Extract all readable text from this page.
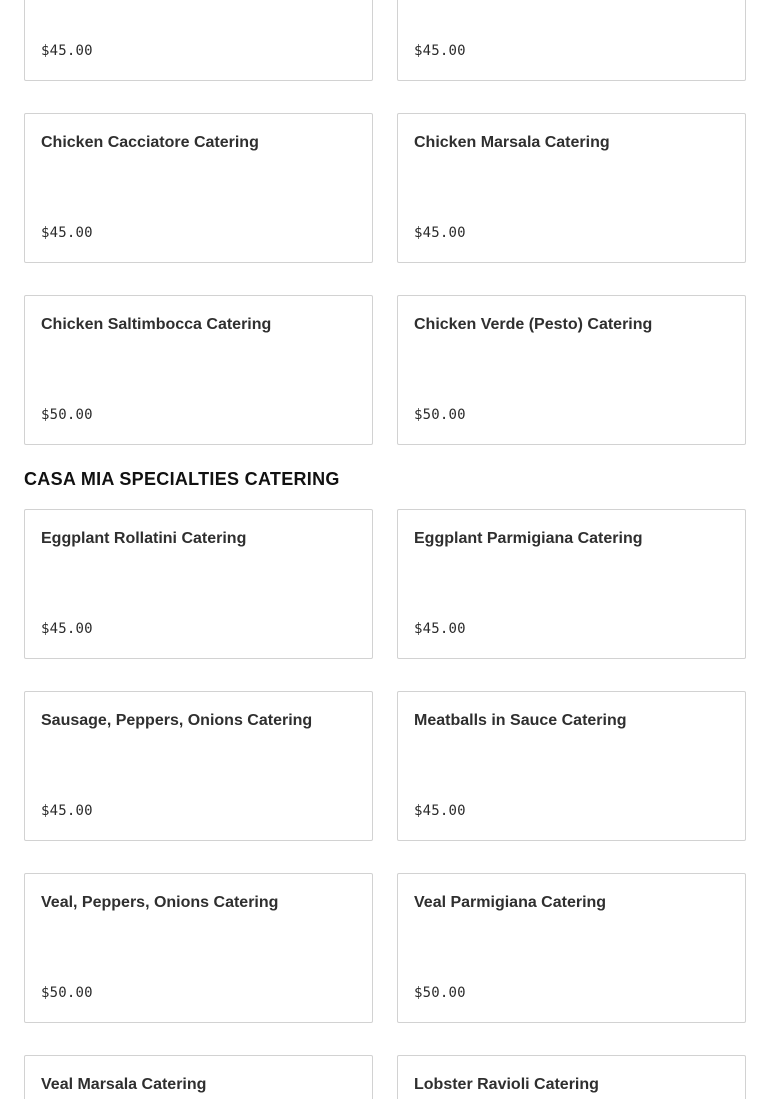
$45.00	$45.00
Chicken Cacciatore Catering
$45.00
Chicken Marsala Catering
$45.00
Chicken Saltimbocca Catering
$50.00
Chicken Verde (Pesto) Catering
$50.00
CASA MIA SPECIALTIES CATERING
Eggplant Rollatini Catering
$45.00
Eggplant Parmigiana Catering
$45.00
Sausage, Peppers, Onions Catering
$45.00
Meatballs in Sauce Catering
$45.00
Veal, Peppers, Onions Catering
$50.00
Veal Parmigiana Catering
$50.00
Veal Marsala Catering	Lobster Ravioli Catering
